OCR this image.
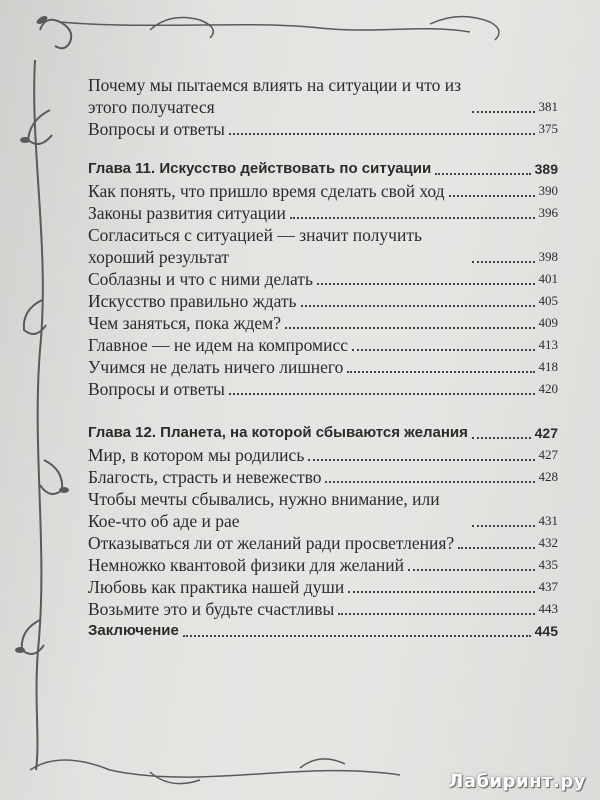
Почему мы пытаемся влиять на ситуации и что из этого получатеся	381
Вопросы и ответы	375
Глава 11. Искусство действовать по ситуации	389
Как понять, что пришло время сделать свой ход	390
Законы развития ситуации	396
Согласиться с ситуацией — значит получить хороший результат	398
Соблазны и что с ними делать	401
Искусство правильно ждать	405
Чем заняться, пока ждем?	409
Главное — не идем на компромисс	413
Учимся не делать ничего лишнего	418
Вопросы и ответы	420
Глава 12. Планета, на которой сбываются желания	427
Мир, в котором мы родились	427
Благость, страсть и невежество	428
Чтобы мечты сбывались, нужно внимание, или Кое-что об аде и рае	431
Отказываться ли от желаний ради просветления?	432
Немножко квантовой физики для желаний	435
Любовь как практика нашей души	437
Возьмите это и будьте счастливы	443
Заключение	445
Лабиринт.ру
